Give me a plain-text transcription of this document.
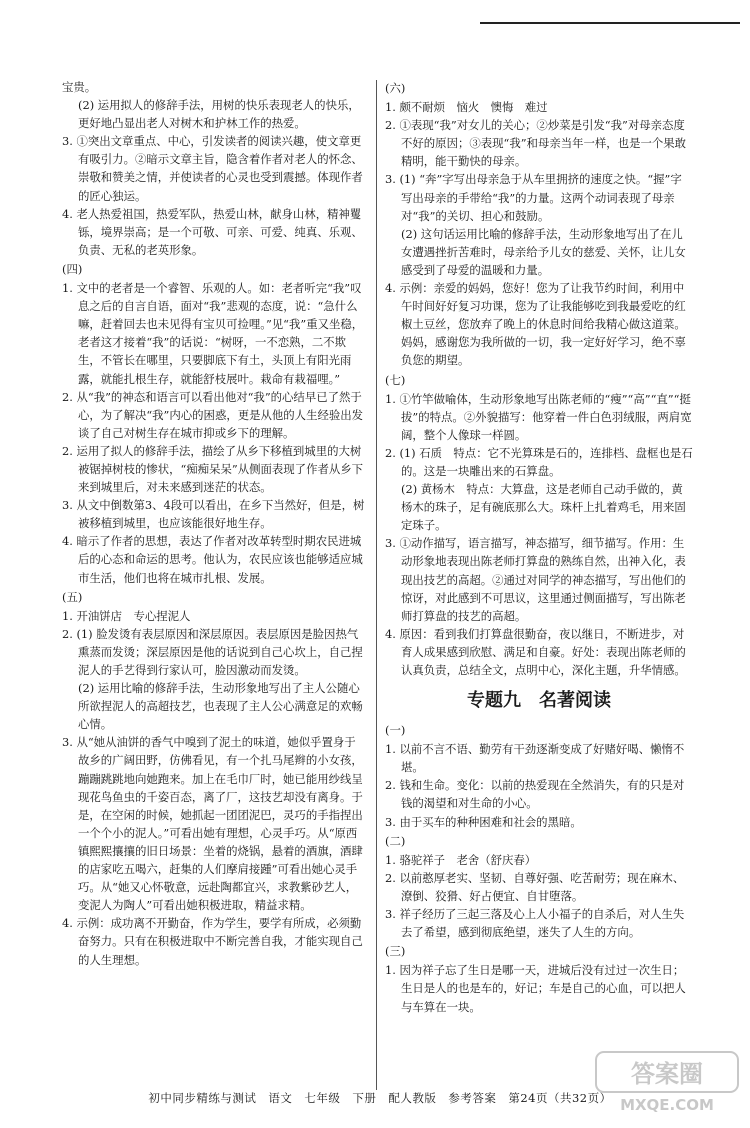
宝贵。

(2) 运用拟人的修辞手法，用树的快乐表现老人的快乐，更好地凸显出老人对树木和护林工作的热爱。

3. ①突出文章重点、中心，引发读者的阅读兴趣，使文章更有吸引力。②暗示文章主旨，隐含着作者对老人的怀念、崇敬和赞美之情，并使读者的心灵也受到震撼。体现作者的匠心独运。

4. 老人热爱祖国，热爱军队，热爱山林，献身山林，精神矍铄，境界崇高；是一个可敬、可亲、可爱、纯真、乐观、负责、无私的老英形象。

(四)

1. 文中的老者是一个睿智、乐观的人。如：老者听完“我”叹息之后的自言自语，面对“我”悲观的态度，说：“急什么嘛，赶着回去也未见得有宝贝可捡哩。”见“我”重又坐稳，老者这才接着“我”的话说：“树呀，一不恋熟，二不欺生，不管长在哪里，只要脚底下有土，头顶上有阳光雨露，就能扎根生存，就能舒枝展叶。栽命有栽福哩。”

2. 从“我”的神态和语言可以看出他对“我”的心结早已了然于心，为了解决“我”内心的困惑，更是从他的人生经验出发谈了自己对树生存在城市抑或乡下的理解。

2. 运用了拟人的修辞手法，描绘了从乡下移植到城里的大树被锯掉树枝的惨状，“痴痴呆呆”从侧面表现了作者从乡下来到城里后，对未来感到迷茫的状态。

3. 从文中倒数第3、4段可以看出，在乡下当然好，但是，树被移植到城里，也应该能很好地生存。

4. 暗示了作者的思想，表达了作者对改革转型时期农民进城后的心态和命运的思考。他认为，农民应该也能够适应城市生活，他们也将在城市扎根、发展。

(五)

1. 开油饼店　专心捏泥人

2. (1) 脸发烫有表层原因和深层原因。表层原因是脸因热气熏蒸而发烫；深层原因是他的话说到自己心坎上，自己捏泥人的手艺得到行家认可，脸因激动而发烫。

(2) 运用比喻的修辞手法，生动形象地写出了主人公随心所欲捏泥人的高超技艺，也表现了主人公心满意足的欢畅心情。

3. 从“她从油饼的香气中嗅到了泥土的味道，她似乎置身于故乡的广阔田野，仿佛看见，有一个扎马尾辫的小女孩，蹦蹦跳跳地向她跑来。加上在毛巾厂时，她已能用纱线呈现花鸟鱼虫的千姿百态，离了厂，这技艺却没有离身。于是，在空闲的时候，她抓起一团团泥巴，灵巧的手指捏出一个个小的泥人。”可看出她有理想，心灵手巧。从“原西镇熙熙攘攘的旧日场景：坐着的烧锅，悬着的酒旗，酒肆的店家吃五喝六，赶集的人们摩肩接踵”可看出她心灵手巧。从“她又心怀敬意，远赴陶都宜兴，求教紫砂艺人，变泥人为陶人”可看出她积极进取，精益求精。

4. 示例：成功离不开勤奋，作为学生，要学有所成，必须勤奋努力。只有在积极进取中不断完善自我，才能实现自己的人生理想。

(六)

1. 颇不耐烦　恼火　懊悔　难过

2. ①表现“我”对女儿的关心；②炒菜是引发“我”对母亲态度不好的原因；③表现“我”和母亲当年一样，也是一个果敢精明，能干勤快的母亲。

3. (1) “奔”字写出母亲急于从车里拥挤的速度之快。“握”字写出母亲的手带给“我”的力量。这两个动词表现了母亲对“我”的关切、担心和鼓励。

(2) 这句话运用比喻的修辞手法，生动形象地写出了在儿女遭遇挫折苦难时，母亲给予儿女的慈爱、关怀，让儿女感受到了母爱的温暖和力量。

4. 示例：亲爱的妈妈，您好！您为了让我节约时间，利用中午时间好好复习功课，您为了让我能够吃到我最爱吃的红椒土豆丝，您放弃了晚上的休息时间给我精心做这道菜。妈妈，感谢您为我所做的一切，我一定好好学习，绝不辜负您的期望。

(七)

1. ①竹竿做喻体，生动形象地写出陈老师的“瘦”“高”“直”“挺拔”的特点。②外貌描写：他穿着一件白色羽绒服，两肩宽阔，整个人像球一样圆。

2. (1) 石质　特点：它不光算珠是石的，连排档、盘框也是石的。这是一块雕出来的石算盘。

(2) 黄杨木　特点：大算盘，这是老师自己动手做的，黄杨木的珠子，足有碗底那么大。珠杆上扎着鸡毛，用来固定珠子。

3. ①动作描写，语言描写，神态描写，细节描写。作用：生动形象地表现出陈老师打算盘的熟练自然，出神入化，表现出技艺的高超。②通过对同学的神态描写，写出他们的惊讶，对此感到不可思议，这里通过侧面描写，写出陈老师打算盘的技艺的高超。

4. 原因：看到我们打算盘很勤奋，夜以继日，不断进步，对育人成果感到欣慰、满足和自豪。好处：表现出陈老师的认真负责，总结全文，点明中心，深化主题，升华情感。

专题九　名著阅读

(一)

1. 以前不言不语、勤劳有干劲逐渐变成了好赌好喝、懒惰不堪。

2. 钱和生命。变化：以前的热爱现在全然消失，有的只是对钱的渴望和对生命的小心。

3. 由于买车的种种困难和社会的黑暗。

(二)

1. 骆驼祥子　老舍（舒庆春）

2. 以前憨厚老实、坚韧、自尊好强、吃苦耐劳；现在麻木、潦倒、狡猾、好占便宜、自甘堕落。

3. 祥子经历了三起三落及心上人小福子的自杀后，对人生失去了希望，感到彻底绝望，迷失了人生的方向。

(三)

1. 因为祥子忘了生日是哪一天，进城后没有过过一次生日；生日是人的也是车的，好记；车是自己的心血，可以把人与车算在一块。

初中同步精练与测试　语文　七年级　下册　配人教版　参考答案　第24页（共32页）
答案圈
MXQE.COM
